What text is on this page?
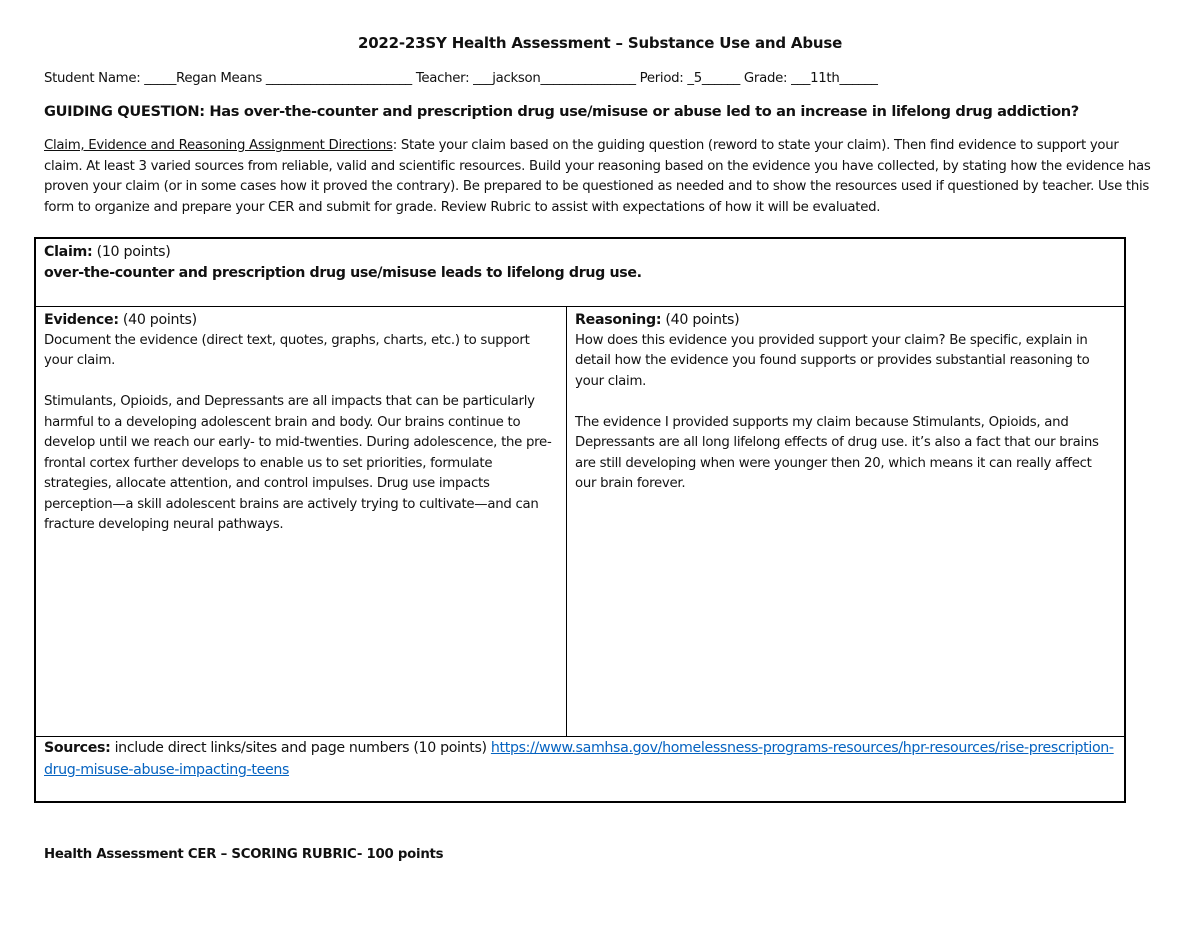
2022-23SY Health Assessment – Substance Use and Abuse
Student Name: _____Regan Means _______________________ Teacher: ___jackson_______________ Period: _5______ Grade: ___11th______
GUIDING QUESTION: Has over-the-counter and prescription drug use/misuse or abuse led to an increase in lifelong drug addiction?
Claim, Evidence and Reasoning Assignment Directions: State your claim based on the guiding question (reword to state your claim). Then find evidence to support your claim. At least 3 varied sources from reliable, valid and scientific resources. Build your reasoning based on the evidence you have collected, by stating how the evidence has proven your claim (or in some cases how it proved the contrary). Be prepared to be questioned as needed and to show the resources used if questioned by teacher. Use this form to organize and prepare your CER and submit for grade. Review Rubric to assist with expectations of how it will be evaluated.
Claim: (10 points)
over-the-counter and prescription drug use/misuse leads to lifelong drug use.
Evidence: (40 points)
Document the evidence (direct text, quotes, graphs, charts, etc.) to support your claim.
Stimulants, Opioids, and Depressants are all impacts that can be particularly harmful to a developing adolescent brain and body. Our brains continue to develop until we reach our early- to mid-twenties. During adolescence, the pre-frontal cortex further develops to enable us to set priorities, formulate strategies, allocate attention, and control impulses. Drug use impacts perception—a skill adolescent brains are actively trying to cultivate—and can fracture developing neural pathways.
Reasoning: (40 points)
How does this evidence you provided support your claim? Be specific, explain in detail how the evidence you found supports or provides substantial reasoning to your claim.
The evidence I provided supports my claim because Stimulants, Opioids, and Depressants are all long lifelong effects of drug use. it’s also a fact that our brains are still developing when were younger then 20, which means it can really affect our brain forever.
Sources: include direct links/sites and page numbers (10 points) https://www.samhsa.gov/homelessness-programs-resources/hpr-resources/rise-prescription-drug-misuse-abuse-impacting-teens
Health Assessment CER – SCORING RUBRIC- 100 points
